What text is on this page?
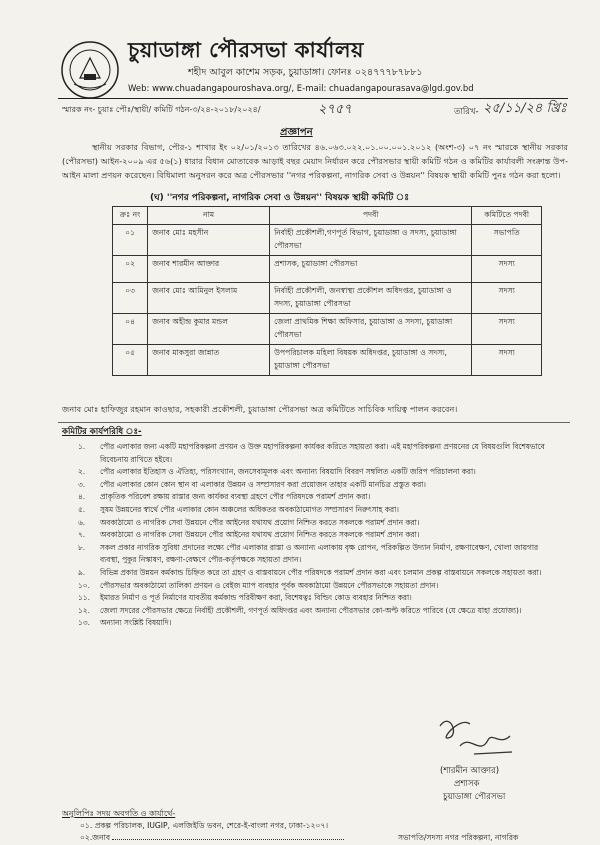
চুয়াডাঙ্গা পৌরসভা কার্যালয়
শহীদ আবুল কাশেম সড়ক, চুয়াডাঙ্গা। ফোনঃ ০২৪৭৭৭৮৭৮৮১
Web: www.chuadangapouroshava.org/, E-mail: chuadangapourasava@lgd.gov.bd
স্মারক নং- চুয়াঃ পৌঃ/স্থায়ী/ কমিটি গঠন-৩/২৪-২০১৮/২০২৪/	২৭৫৭	তারিখ- ২৫/১১/২৪ খ্রিঃ
প্রজ্ঞাপন

স্থানীয় সরকার বিভাগ, পৌর-১ শাখার ইং ০২/০১/২০১৩ তারিখের ৪৬.০৬৩.০২২.০১.০০.০০১.২০১২ (অংশ-৩) ০৭ নং স্মারকে স্থানীয় সরকার (পৌরসভা) আইন-২০০৯ এর ৫৬(১) ধারার বিধান মোতাবেক আড়াই বছর মেয়াদ নির্ধারন করে পৌরসভার স্থায়ী কমিটি গঠন ও কমিটির কার্যাবলী সংক্রান্ত উপ-আইন মালা প্রণয়ন করেছেন। বিধিমালা অনুসরন করে অত্র পৌরসভার ''নগর পরিকল্পনা, নাগরিক সেবা ও উন্নয়ন'' বিষয়ক স্থায়ী কমিটি পুনঃ গঠন করা হলো।

(ঘ) ''নগর পরিকল্পনা, নাগরিক সেবা ও উন্নয়ন'' বিষয়ক স্থায়ী কমিটি ঃ
ক্রঃ নং	নাম	পদবী	কমিটিতে পদবী
০১	জনাব মোঃ মহসীন	নির্বাহী প্রকৌশলী,গণপূর্ত বিভাগ, চুয়াডাঙ্গা ও সদস্য, চুয়াডাঙ্গা পৌরসভা	সভাপতি
০২	জনাব শারমীন আক্তার	প্রশাসক, চুয়াডাঙ্গা পৌরসভা	সদস্য
০৩	জনাব মোঃ আমিনুল ইসলাম	নির্বাহী প্রকৌশলী, জনস্বাস্থ্য প্রকৌশল অধিদপ্তর, চুয়াডাঙ্গা ও সদস্য, চুয়াডাঙ্গা পৌরসভা	সদস্য
০৪	জনাব অহীন্দ্র কুমার মন্ডল	জেলা প্রাথমিক শিক্ষা অফিসার, চুয়াডাঙ্গা ও সদস্য, চুয়াডাঙ্গা পৌরসভা	সদস্য
০৫	জনাব মাকসুরা জান্নাত	উপপরিচালক মহিলা বিষয়ক অধিদপ্তর, চুয়াডাঙ্গা ও সদস্য, চুয়াডাঙ্গা পৌরসভা	সদস্য
জনাব মোঃ হাফিজুর রহমান কাওছার, সহকারী প্রকৌশলী, চুয়াডাঙ্গা পৌরসভা অত্র কমিটিতে সাচিবিক দায়িত্ব পালন করবেন।
কমিটির কার্যপরিধি ঃ-
১. পৌর এলাকার জন্য একটি মহাপরিকল্পনা প্রণয়ন ও উক্ত মহাপরিকল্পনা কার্যকর করিতে সহায়তা করা। এই মহাপরিকল্পনা প্রণয়নের যে বিষয়গুলি বিশেষভাবে বিবেচনায় রাখিতে হইবে।
২. পৌর এলাকার ইতিহাস ও ঐতিহ্য, পরিসংখ্যান, জনসেবামূলক এবং অন্যান্য বিষয়াদি বিবরণ সম্বলিত একটি জরিপ পরিচালনা করা।
৩. পৌর এলাকার কোন কোন স্থান বা এলাকার উন্নয়ন ও সম্প্রসারণ করা প্রয়োজন তাহার একটি মানচিত্র প্রস্তুত করা।
৪. প্রাকৃতিক পরিবেশ রক্ষায় রাস্তার জন্য কার্যকর ব্যবস্থা গ্রহণে পৌর পরিষদকে পরামর্শ প্রদান করা।
৫. সুষম উন্নয়নের স্বার্থে পৌর এলাকার কোন অঞ্চলের অধিকতর অবকাঠামোগত সম্প্রসারণ নিরুৎসাহ করা।
৬. অবকাঠামো ও নাগরিক সেবা উন্নয়নে পৌর আইনের যথাযথ প্রয়োগ নিশ্চিত করতে সকলকে পরামর্শ প্রদান করা।
৭. অবকাঠামো ও নাগরিক সেবা উন্নয়নে পৌর আইনের যথাযথ প্রয়োগ নিশ্চিত করতে সকলকে পরামর্শ প্রদান করা।
৮. সকল প্রকার নাগরিক সুবিধা প্রদানের লক্ষ্যে পৌর এলাকার রাস্তা ও অন্যান্য এলাকায় বৃক্ষ রোপন, পরিকল্পিত উদ্যান নির্মাণ, রক্ষণাবেক্ষণ, খোলা জায়গার ব্যবস্থা, পুকুর নিস্কাষণ, রক্ষণা-বেক্ষণে পৌর-কর্তৃপক্ষকে সহায়তা প্রদান।
৯. বিভিন্ন প্রকার উন্নয়ন কর্মকান্ড চিহ্নিত করে তা গ্রহণ ও বাস্তবায়নে পৌর পরিষদকে পরামর্শ প্রদান করা এবং চলমান প্রকল্প বাস্তবায়নে সকলকে সহায়তা করা।
১০. পৌরসভার অবকাঠামো তালিকা প্রণয়ন ও বেইজ ম্যাপ ব্যবহার পূর্বক অবকাঠামো উন্নয়নে পৌরসভাকে সহায়তা প্রদান।
১১. ইমারত নির্মাণ ও পূর্ত নির্মাণের যাবতীয় কর্মকান্ড পরিবীক্ষণ করা, বিশেষত্বঃ বিল্ডিং কোড ব্যবহার নিশ্চিত করা।
১২. জেলা সদরের পৌরসভার ক্ষেত্রে নির্বাহী প্রকৌশলী, গণপূর্ত অধিদপ্তর এবং অন্যান্য পৌরসভার কো-অপ্ট করিতে পারিবে (যে ক্ষেত্রে যাহা প্রযোজ্য)।
১৩. অন্যান্য সংশ্লিষ্ট বিষয়াদি।
(শারমীন আক্তার)
প্রশাসক
চুয়াডাঙ্গা পৌরসভা
অনুলিপিঃ সদয় অবগতি ও কার্যার্থে-
০১. প্রকল্প পরিচালক, IUGIP, এলজিইডি ভবন, শেরে-ই-বাংলা নগর, ঢাকা-১২০৭।
০২.জনাব	সভাপতি/সদস্য নগর পরিকল্পনা, নাগরিক
